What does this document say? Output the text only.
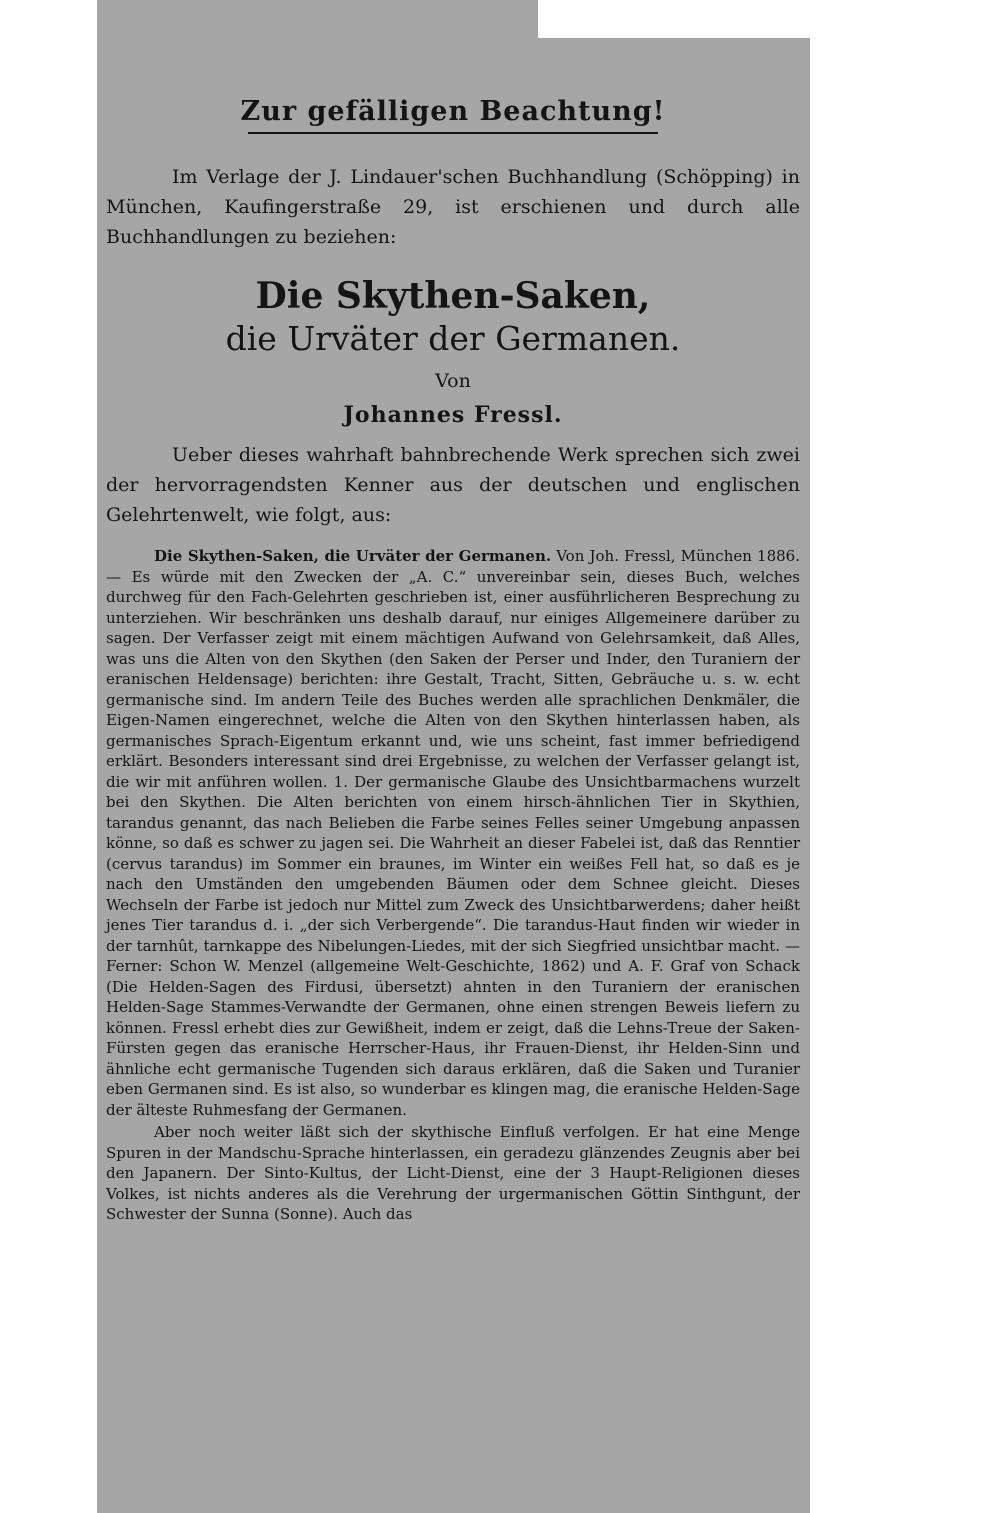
Zur gefälligen Beachtung!

Im Verlage der J. Lindauer'schen Buchhandlung (Schöpping) in München, Kaufingerstraße 29, ist erschienen und durch alle Buchhandlungen zu beziehen:

Die Skythen-Saken,

die Urväter der Germanen.

Von

Johannes Fressl.

Ueber dieses wahrhaft bahnbrechende Werk sprechen sich zwei der hervorragendsten Kenner aus der deutschen und englischen Gelehrtenwelt, wie folgt, aus:

Die Skythen-Saken, die Urväter der Germanen. Von Joh. Fressl, München 1886. — Es würde mit den Zwecken der „A. C.“ unvereinbar sein, dieses Buch, welches durchweg für den Fach-Gelehrten geschrieben ist, einer ausführlicheren Besprechung zu unterziehen. Wir beschränken uns deshalb darauf, nur einiges Allgemeinere darüber zu sagen. Der Verfasser zeigt mit einem mächtigen Aufwand von Gelehrsamkeit, daß Alles, was uns die Alten von den Skythen (den Saken der Perser und Inder, den Turaniern der eranischen Heldensage) berichten: ihre Gestalt, Tracht, Sitten, Gebräuche u. s. w. echt germanische sind. Im andern Teile des Buches werden alle sprachlichen Denkmäler, die Eigen-Namen eingerechnet, welche die Alten von den Skythen hinterlassen haben, als germanisches Sprach-Eigentum erkannt und, wie uns scheint, fast immer befriedigend erklärt. Besonders interessant sind drei Ergebnisse, zu welchen der Verfasser gelangt ist, die wir mit anführen wollen. 1. Der germanische Glaube des Unsichtbarmachens wurzelt bei den Skythen. Die Alten berichten von einem hirsch-ähnlichen Tier in Skythien, tarandus genannt, das nach Belieben die Farbe seines Felles seiner Umgebung anpassen könne, so daß es schwer zu jagen sei. Die Wahrheit an dieser Fabelei ist, daß das Renntier (cervus tarandus) im Sommer ein braunes, im Winter ein weißes Fell hat, so daß es je nach den Umständen den umgebenden Bäumen oder dem Schnee gleicht. Dieses Wechseln der Farbe ist jedoch nur Mittel zum Zweck des Unsichtbarwerdens; daher heißt jenes Tier tarandus d. i. „der sich Verbergende“. Die tarandus-Haut finden wir wieder in der tarnhût, tarnkappe des Nibelungen-Liedes, mit der sich Siegfried unsichtbar macht. — Ferner: Schon W. Menzel (allgemeine Welt-Geschichte, 1862) und A. F. Graf von Schack (Die Helden-Sagen des Firdusi, übersetzt) ahnten in den Turaniern der eranischen Helden-Sage Stammes-Verwandte der Germanen, ohne einen strengen Beweis liefern zu können. Fressl erhebt dies zur Gewißheit, indem er zeigt, daß die Lehns-Treue der Saken-Fürsten gegen das eranische Herrscher-Haus, ihr Frauen-Dienst, ihr Helden-Sinn und ähnliche echt germanische Tugenden sich daraus erklären, daß die Saken und Turanier eben Germanen sind. Es ist also, so wunderbar es klingen mag, die eranische Helden-Sage der älteste Ruhmesfang der Germanen.

Aber noch weiter läßt sich der skythische Einfluß verfolgen. Er hat eine Menge Spuren in der Mandschu-Sprache hinterlassen, ein geradezu glänzendes Zeugnis aber bei den Japanern. Der Sinto-Kultus, der Licht-Dienst, eine der 3 Haupt-Religionen dieses Volkes, ist nichts anderes als die Verehrung der urgermanischen Göttin Sinthgunt, der Schwester der Sunna (Sonne). Auch das
